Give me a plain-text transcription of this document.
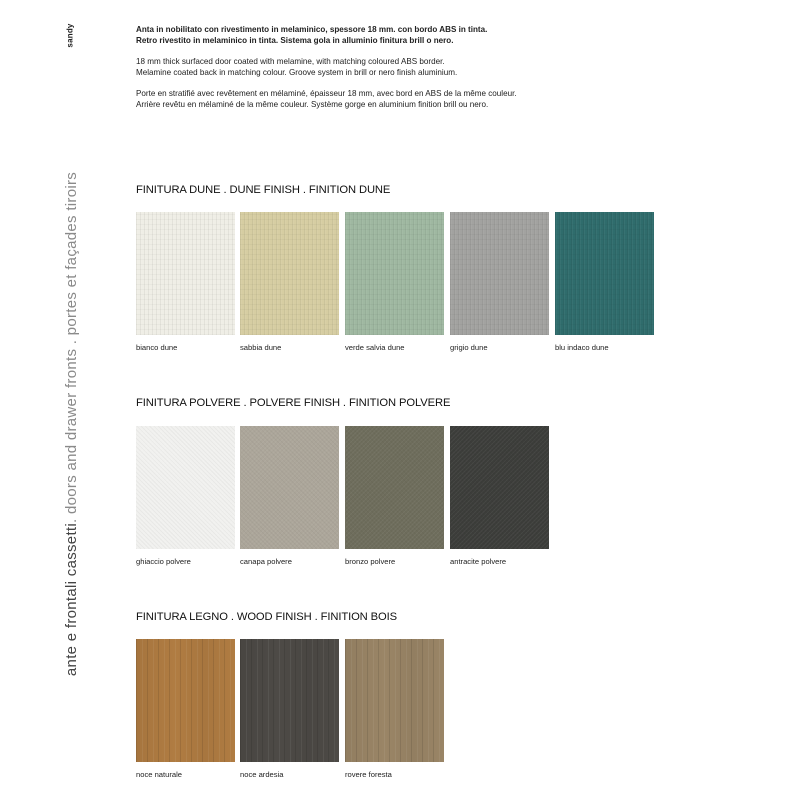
sandy
ante e frontali cassetti
. doors and drawer fronts . portes et façades tiroirs

Anta in nobilitato con rivestimento in melaminico, spessore 18 mm. con bordo ABS in tinta.
Retro rivestito in melaminico in tinta. Sistema gola in alluminio finitura brill o nero.

18 mm thick surfaced door coated with melamine, with matching coloured ABS border.
Melamine coated back in matching colour. Groove system in brill or nero finish aluminium.

Porte en stratifié avec revêtement en mélaminé, épaisseur 18 mm, avec bord en ABS de la même couleur.
Arrière revêtu en mélaminé de la même couleur. Système gorge en aluminium finition brill ou nero.

FINITURA DUNE . DUNE FINISH . FINITION DUNE
bianco dune	sabbia dune	verde salvia dune	grigio dune	blu indaco dune
FINITURA POLVERE . POLVERE FINISH . FINITION POLVERE
ghiaccio polvere	canapa polvere	bronzo polvere	antracite polvere
FINITURA LEGNO . WOOD FINISH . FINITION BOIS
noce naturale	noce ardesia	rovere foresta
